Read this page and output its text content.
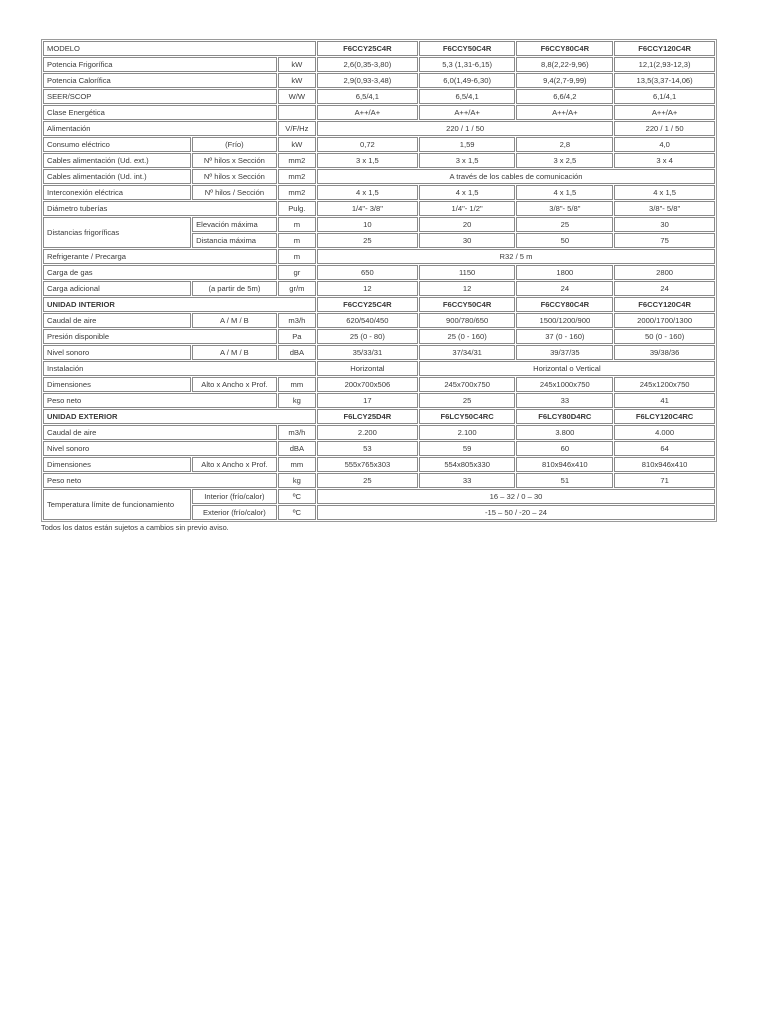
MODELO			F6CCY25C4R	F6CCY50C4R	F6CCY80C4R	F6CCY120C4R
Potencia Frigorífica		kW	2,6(0,35-3,80)	5,3 (1,31-6,15)	8,8(2,22-9,96)	12,1(2,93-12,3)
Potencia Calorífica		kW	2,9(0,93-3,48)	6,0(1,49-6,30)	9,4(2,7-9,99)	13,5(3,37-14,06)
SEER/SCOP		W/W	6,5/4,1	6,5/4,1	6,6/4,2	6,1/4,1
Clase Energética			A++/A+	A++/A+	A++/A+	A++/A+
Alimentación		V/F/Hz	220 / 1 / 50			220 / 1 / 50
Consumo eléctrico	(Frío)	kW	0,72	1,59	2,8	4,0
Cables alimentación (Ud. ext.)	Nº hilos x Sección	mm2	3 x 1,5	3 x 1,5	3 x 2,5	3 x 4
Cables alimentación (Ud. int.)	Nº hilos x Sección	mm2	A través de los cables de comunicación			
Interconexión eléctrica	Nº hilos / Sección	mm2	4 x 1,5	4 x 1,5	4 x 1,5	4 x 1,5
Diámetro tuberías		Pulg.	1/4"- 3/8"	1/4"- 1/2"	3/8"- 5/8"	3/8"- 5/8"
Distancias frigoríficas	Elevación máxima	m	10	20	25	30
	Distancia máxima	m	25	30	50	75
Refrigerante / Precarga		m	R32 / 5 m			
Carga de gas		gr	650	1150	1800	2800
Carga adicional	(a partir de 5m)	gr/m	12	12	24	24
UNIDAD INTERIOR			F6CCY25C4R	F6CCY50C4R	F6CCY80C4R	F6CCY120C4R
Caudal de aire	A / M / B	m3/h	620/540/450	900/780/650	1500/1200/900	2000/1700/1300
Presión disponible		Pa	25 (0 - 80)	25 (0 - 160)	37 (0 - 160)	50 (0 - 160)
Nivel sonoro	A / M / B	dBA	35/33/31	37/34/31	39/37/35	39/38/36
Instalación			Horizontal	Horizontal o Vertical		
Dimensiones	Alto x Ancho x Prof.	mm	200x700x506	245x700x750	245x1000x750	245x1200x750
Peso neto		kg	17	25	33	41
UNIDAD EXTERIOR			F6LCY25D4R	F6LCY50C4RC	F6LCY80D4RC	F6LCY120C4RC
Caudal de aire		m3/h	2.200	2.100	3.800	4.000
Nivel sonoro		dBA	53	59	60	64
Dimensiones	Alto x Ancho x Prof.	mm	555x765x303	554x805x330	810x946x410	810x946x410
Peso neto		kg	25	33	51	71
Temperatura límite de funcionamiento	Interior (frío/calor)	ºC	16 – 32 / 0 – 30			
	Exterior (frío/calor)	ºC	-15 – 50 / -20 – 24			
Todos los datos están sujetos a cambios sin previo aviso.
